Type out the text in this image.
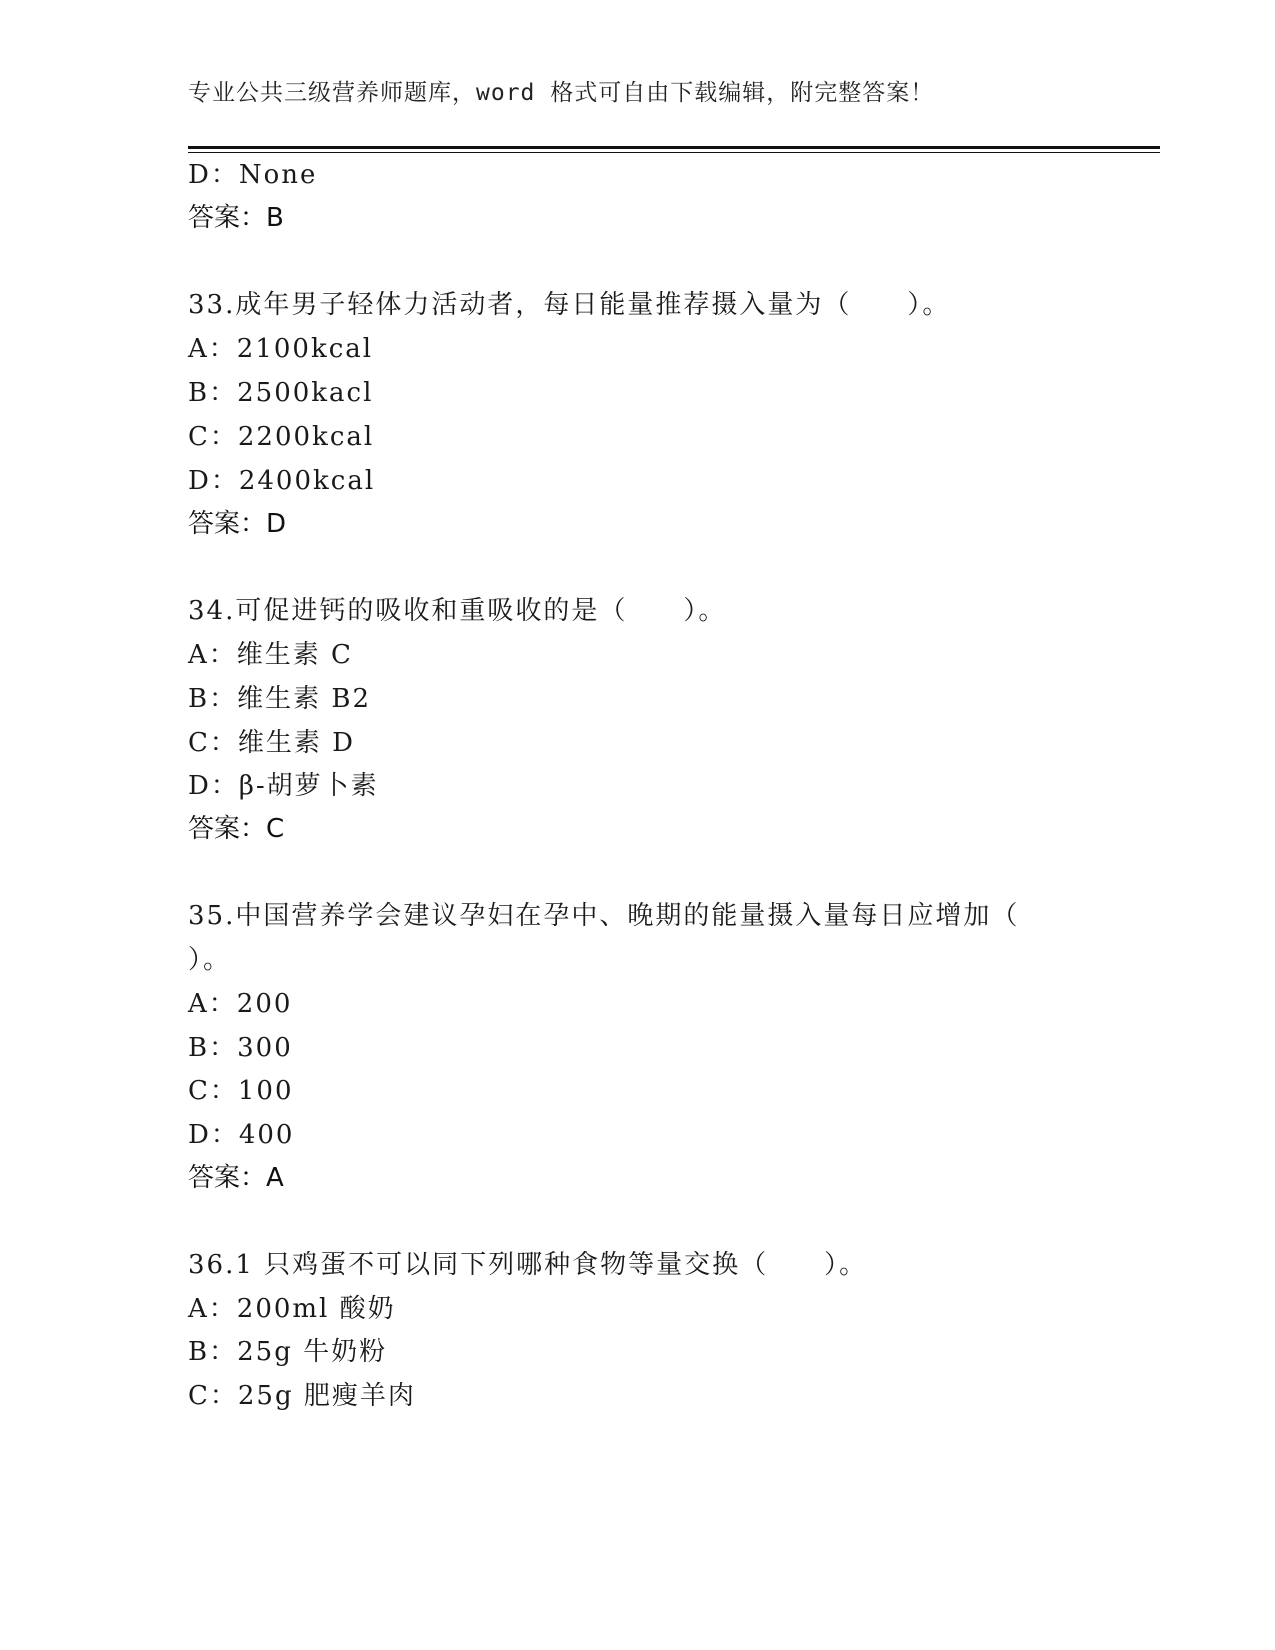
专业公共三级营养师题库，word 格式可自由下载编辑，附完整答案！
D：None
答案：B
33.成年男子轻体力活动者，每日能量推荐摄入量为（　　）。
A：2100kcal
B：2500kacl
C：2200kcal
D：2400kcal
答案：D
34.可促进钙的吸收和重吸收的是（　　）。
A：维生素 C
B：维生素 B2
C：维生素 D
D：β-胡萝卜素
答案：C
35.中国营养学会建议孕妇在孕中、晚期的能量摄入量每日应增加（
）。
A：200
B：300
C：100
D：400
答案：A
36.1 只鸡蛋不可以同下列哪种食物等量交换（　　）。
A：200ml 酸奶
B：25g 牛奶粉
C：25g 肥瘦羊肉
